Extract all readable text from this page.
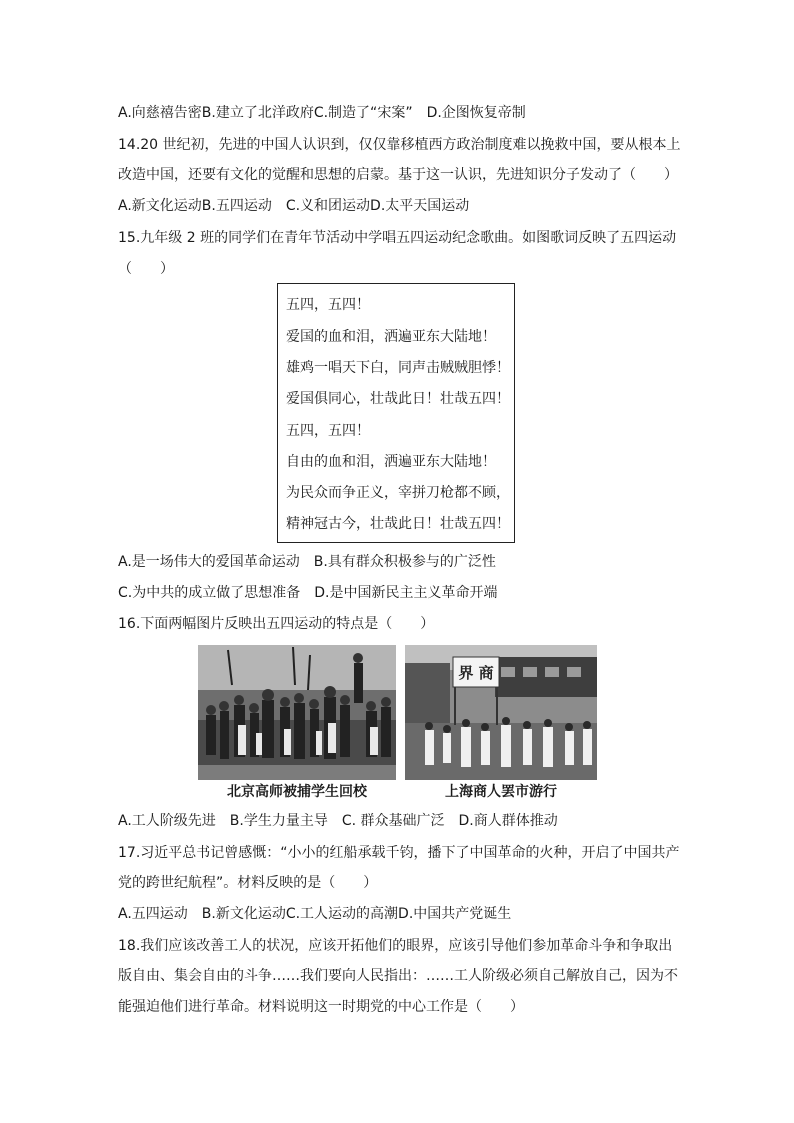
A.向慈禧告密B.建立了北洋政府C.制造了“宋案”　D.企图恢复帝制
14.20 世纪初，先进的中国人认识到，仅仅靠移植西方政治制度难以挽救中国，要从根本上
改造中国，还要有文化的觉醒和思想的启蒙。基于这一认识，先进知识分子发动了（　　）
A.新文化运动B.五四运动　C.义和团运动D.太平天国运动
15.九年级 2 班的同学们在青年节活动中学唱五四运动纪念歌曲。如图歌词反映了五四运动
（　　）
五四，五四！
爱国的血和泪，洒遍亚东大陆地！
雄鸡一唱天下白，同声击贼贼胆悸！
爱国俱同心，壮哉此日！壮哉五四！
五四，五四！
自由的血和泪，洒遍亚东大陆地！
为民众而争正义，宰拼刀枪都不顾，
精神冠古今，壮哉此日！壮哉五四！
A.是一场伟大的爱国革命运动　B.具有群众积极参与的广泛性
C.为中共的成立做了思想准备　D.是中国新民主主义革命开端
16.下面两幅图片反映出五四运动的特点是（　　）
北京高师被捕学生回校
界 商
上海商人罢市游行
A.工人阶级先进　B.学生力量主导　C. 群众基础广泛　D.商人群体推动
17.习近平总书记曾感慨：“小小的红船承载千钧，播下了中国革命的火种，开启了中国共产
党的跨世纪航程”。材料反映的是（　　）
A.五四运动　B.新文化运动C.工人运动的高潮D.中国共产党诞生
18.我们应该改善工人的状况，应该开拓他们的眼界，应该引导他们参加革命斗争和争取出
版自由、集会自由的斗争……我们要向人民指出：……工人阶级必须自己解放自己，因为不
能强迫他们进行革命。材料说明这一时期党的中心工作是（　　）
